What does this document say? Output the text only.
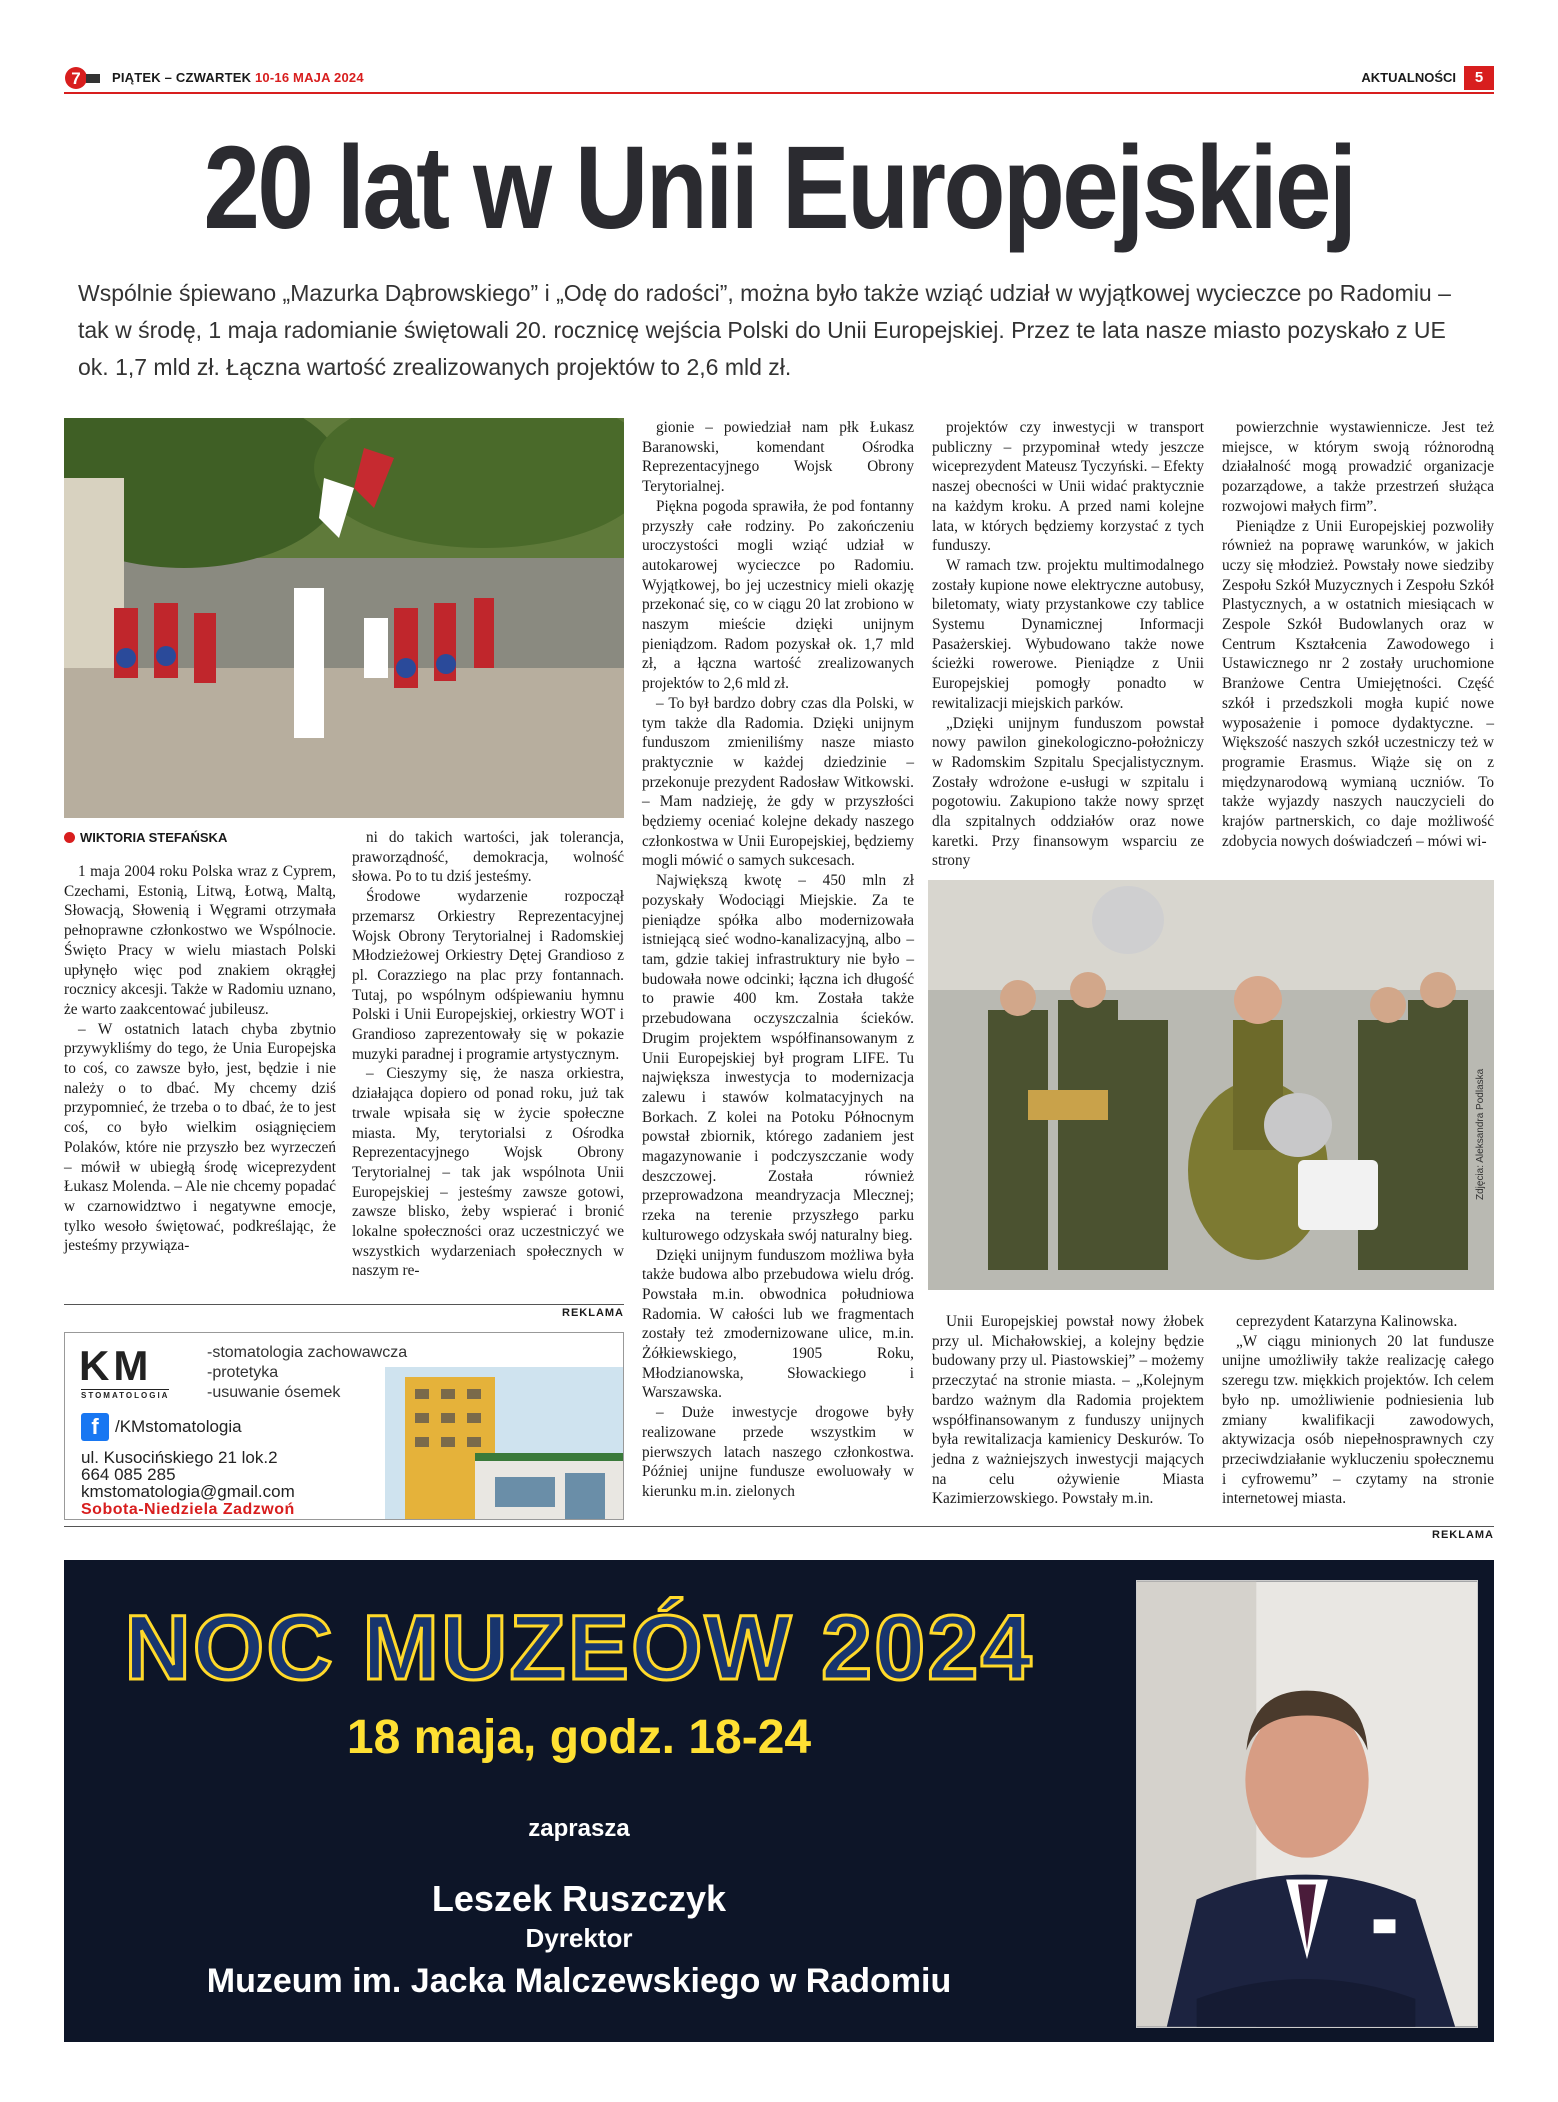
7 PIĄTEK – CZWARTEK 10-16 MAJA 2024	AKTUALNOŚCI	5
20 lat w Unii Europejskiej

Wspólnie śpiewano „Mazurka Dąbrowskiego” i „Odę do radości”, można było także wziąć udział w wyjątkowej wycieczce po Radomiu – tak w środę, 1 maja radomianie świętowali 20. rocznicę wejścia Polski do Unii Europejskiej. Przez te lata nasze miasto pozyskało z UE ok. 1,7 mld zł. Łączna wartość zrealizowanych projektów to 2,6 mld zł.

Zdjęcia: Aleksandra Podlaska
WIKTORIA STEFAŃSKA

1 maja 2004 roku Polska wraz z Cyprem, Czechami, Estonią, Litwą, Łotwą, Maltą, Słowacją, Słowenią i Węgrami otrzymała pełnoprawne członkostwo we Wspólnocie. Święto Pracy w wielu miastach Polski upłynęło więc pod znakiem okrągłej rocznicy akcesji. Także w Radomiu uznano, że warto zaakcentować jubileusz.

– W ostatnich latach chyba zbytnio przywykliśmy do tego, że Unia Europejska to coś, co zawsze było, jest, będzie i nie należy o to dbać. My chcemy dziś przypomnieć, że trzeba o to dbać, że to jest coś, co było wielkim osiągnięciem Polaków, które nie przyszło bez wyrzeczeń – mówił w ubiegłą środę wiceprezydent Łukasz Molenda. – Ale nie chcemy popadać w czarnowidztwo i negatywne emocje, tylko wesoło świętować, podkreślając, że jesteśmy przywiąza-

ni do takich wartości, jak tolerancja, praworządność, demokracja, wolność słowa. Po to tu dziś jesteśmy.

Środowe wydarzenie rozpoczął przemarsz Orkiestry Reprezentacyjnej Wojsk Obrony Terytorialnej i Radomskiej Młodzieżowej Orkiestry Dętej Grandioso z pl. Corazziego na plac przy fontannach. Tutaj, po wspólnym odśpiewaniu hymnu Polski i Unii Europejskiej, orkiestry WOT i Grandioso zaprezentowały się w pokazie muzyki paradnej i programie artystycznym.

– Cieszymy się, że nasza orkiestra, działająca dopiero od ponad roku, już tak trwale wpisała się w życie społeczne miasta. My, terytorialsi z Ośrodka Reprezentacyjnego Wojsk Obrony Terytorialnej – tak jak wspólnota Unii Europejskiej – jesteśmy zawsze gotowi, zawsze blisko, żeby wspierać i bronić lokalne społeczności oraz uczestniczyć we wszystkich wydarzeniach społecznych w naszym re-

gionie – powiedział nam płk Łukasz Baranowski, komendant Ośrodka Reprezentacyjnego Wojsk Obrony Terytorialnej.

Piękna pogoda sprawiła, że pod fontanny przyszły całe rodziny. Po zakończeniu uroczystości mogli wziąć udział w autokarowej wycieczce po Radomiu. Wyjątkowej, bo jej uczestnicy mieli okazję przekonać się, co w ciągu 20 lat zrobiono w naszym mieście dzięki unijnym pieniądzom. Radom pozyskał ok. 1,7 mld zł, a łączna wartość zrealizowanych projektów to 2,6 mld zł.

– To był bardzo dobry czas dla Polski, w tym także dla Radomia. Dzięki unijnym funduszom zmieniliśmy nasze miasto praktycznie w każdej dziedzinie – przekonuje prezydent Radosław Witkowski. – Mam nadzieję, że gdy w przyszłości będziemy oceniać kolejne dekady naszego członkostwa w Unii Europejskiej, będziemy mogli mówić o samych sukcesach.

Największą kwotę – 450 mln zł pozyskały Wodociągi Miejskie. Za te pieniądze spółka albo modernizowała istniejącą sieć wodno-kanalizacyjną, albo – tam, gdzie takiej infrastruktury nie było – budowała nowe odcinki; łączna ich długość to prawie 400 km. Została także przebudowana oczyszczalnia ścieków. Drugim projektem współfinansowanym z Unii Europejskiej był program LIFE. Tu największa inwestycja to modernizacja zalewu i stawów kolmatacyjnych na Borkach. Z kolei na Potoku Północnym powstał zbiornik, którego zadaniem jest magazynowanie i podczyszczanie wody deszczowej. Została również przeprowadzona meandryzacja Mlecznej; rzeka na terenie przyszłego parku kulturowego odzyskała swój naturalny bieg.

Dzięki unijnym funduszom możliwa była także budowa albo przebudowa wielu dróg. Powstała m.in. obwodnica południowa Radomia. W całości lub we fragmentach zostały też zmodernizowane ulice, m.in. Żółkiewskiego, 1905 Roku, Młodzianowska, Słowackiego i Warszawska.

– Duże inwestycje drogowe były realizowane przede wszystkim w pierwszych latach naszego członkostwa. Później unijne fundusze ewoluowały w kierunku m.in. zielonych

projektów czy inwestycji w transport publiczny – przypominał wtedy jeszcze wiceprezydent Mateusz Tyczyński. – Efekty naszej obecności w Unii widać praktycznie na każdym kroku. A przed nami kolejne lata, w których będziemy korzystać z tych funduszy.

W ramach tzw. projektu multimodalnego zostały kupione nowe elektryczne autobusy, biletomaty, wiaty przystankowe czy tablice Systemu Dynamicznej Informacji Pasażerskiej. Wybudowano także nowe ścieżki rowerowe. Pieniądze z Unii Europejskiej pomogły ponadto w rewitalizacji miejskich parków.

„Dzięki unijnym funduszom powstał nowy pawilon ginekologiczno-położniczy w Radomskim Szpitalu Specjalistycznym. Zostały wdrożone e-usługi w szpitalu i pogotowiu. Zakupiono także nowy sprzęt dla szpitalnych oddziałów oraz nowe karetki. Przy finansowym wsparciu ze strony

powierzchnie wystawiennicze. Jest też miejsce, w którym swoją różnorodną działalność mogą prowadzić organizacje pozarządowe, a także przestrzeń służąca rozwojowi małych firm”.

Pieniądze z Unii Europejskiej pozwoliły również na poprawę warunków, w jakich uczy się młodzież. Powstały nowe siedziby Zespołu Szkół Muzycznych i Zespołu Szkół Plastycznych, a w ostatnich miesiącach w Zespole Szkół Budowlanych oraz w Centrum Kształcenia Zawodowego i Ustawicznego nr 2 zostały uruchomione Branżowe Centra Umiejętności. Część szkół i przedszkoli mogła kupić nowe wyposażenie i pomoce dydaktyczne. – Większość naszych szkół uczestniczy też w programie Erasmus. Wiąże się on z międzynarodową wymianą uczniów. To także wyjazdy naszych nauczycieli do krajów partnerskich, co daje możliwość zdobycia nowych doświadczeń – mówi wi-

Unii Europejskiej powstał nowy żłobek przy ul. Michałowskiej, a kolejny będzie budowany przy ul. Piastowskiej” – możemy przeczytać na stronie miasta. – „Kolejnym bardzo ważnym dla Radomia projektem współfinansowanym z funduszy unijnych była rewitalizacja kamienicy Deskurów. To jedna z ważniejszych inwestycji mających na celu ożywienie Miasta Kazimierzowskiego. Powstały m.in.

ceprezydent Katarzyna Kalinowska.

„W ciągu minionych 20 lat fundusze unijne umożliwiły także realizację całego szeregu tzw. miękkich projektów. Ich celem było np. umożliwienie podniesienia lub zmiany kwalifikacji zawodowych, aktywizacja osób niepełnosprawnych czy przeciwdziałanie wykluczeniu społecznemu i cyfrowemu” – czytamy na stronie internetowej miasta.

REKLAMA
KM
STOMATOLOGIA
-stomatologia zachowawcza
-protetyka
-usuwanie ósemek
f /KMstomatologia
ul. Kusocińskiego 21 lok.2
664 085 285
kmstomatologia@gmail.com
Sobota-Niedziela Zadzwoń
REKLAMA
NOC MUZEÓW 2024
18 maja, godz. 18-24
zaprasza
Leszek Ruszczyk
Dyrektor
Muzeum im. Jacka Malczewskiego w Radomiu
